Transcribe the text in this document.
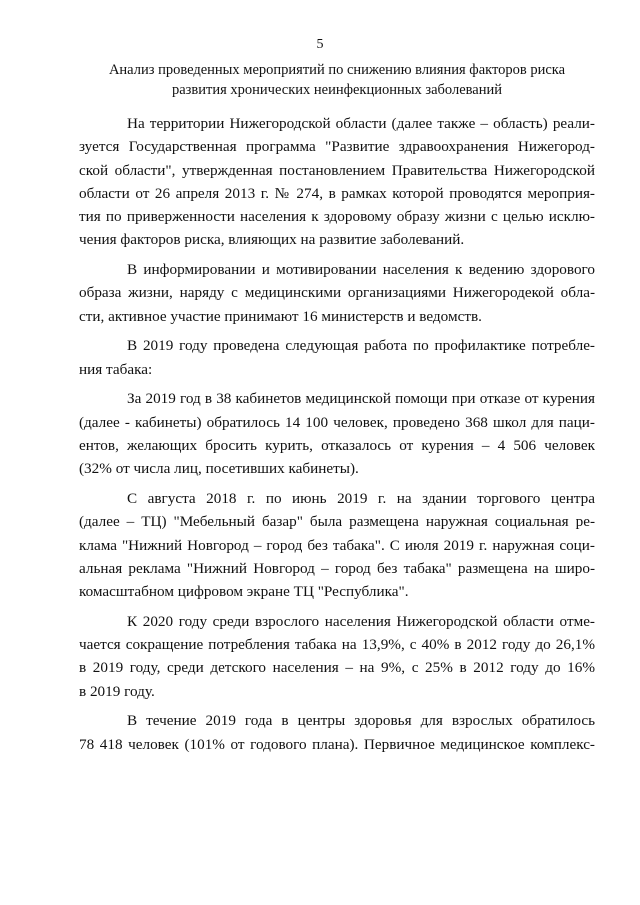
5
Анализ проведенных мероприятий по снижению влияния факторов риска
развития хронических неинфекционных заболеваний
На территории Нижегородской области (далее также – область) реали-
зуется Государственная программа "Развитие здравоохранения Нижегород-
ской области", утвержденная постановлением Правительства Нижегородской
области от 26 апреля 2013 г. № 274, в рамках которой проводятся мероприя-
тия по приверженности населения к здоровому образу жизни с целью исклю-
чения факторов риска, влияющих на развитие заболеваний.
В информировании и мотивировании населения к ведению здорового
образа жизни, наряду с медицинскими организациями Нижегородекой обла-
сти, активное участие принимают 16 министерств и ведомств.
В 2019 году проведена следующая работа по профилактике потребле-
ния табака:
За 2019 год в 38 кабинетов медицинской помощи при отказе от курения
(далее - кабинеты) обратилось 14 100 человек, проведено 368 школ для паци-
ентов, желающих бросить курить, отказалось от курения – 4 506 человек
(32% от числа лиц, посетивших кабинеты).
С августа 2018 г. по июнь 2019 г. на здании торгового центра
(далее – ТЦ) "Мебельный базар" была размещена наружная социальная ре-
клама "Нижний Новгород – город без табака". С июля 2019 г. наружная соци-
альная реклама "Нижний Новгород – город без табака" размещена на широ-
комасштабном цифровом экране ТЦ "Республика".
К 2020 году среди взрослого населения Нижегородской области отме-
чается сокращение потребления табака на 13,9%, с 40% в 2012 году до 26,1%
в 2019 году, среди детского населения – на 9%, с 25% в 2012 году до 16%
в 2019 году.
В течение 2019 года в центры здоровья для взрослых обратилось
78 418 человек (101% от годового плана). Первичное медицинское комплекс-
